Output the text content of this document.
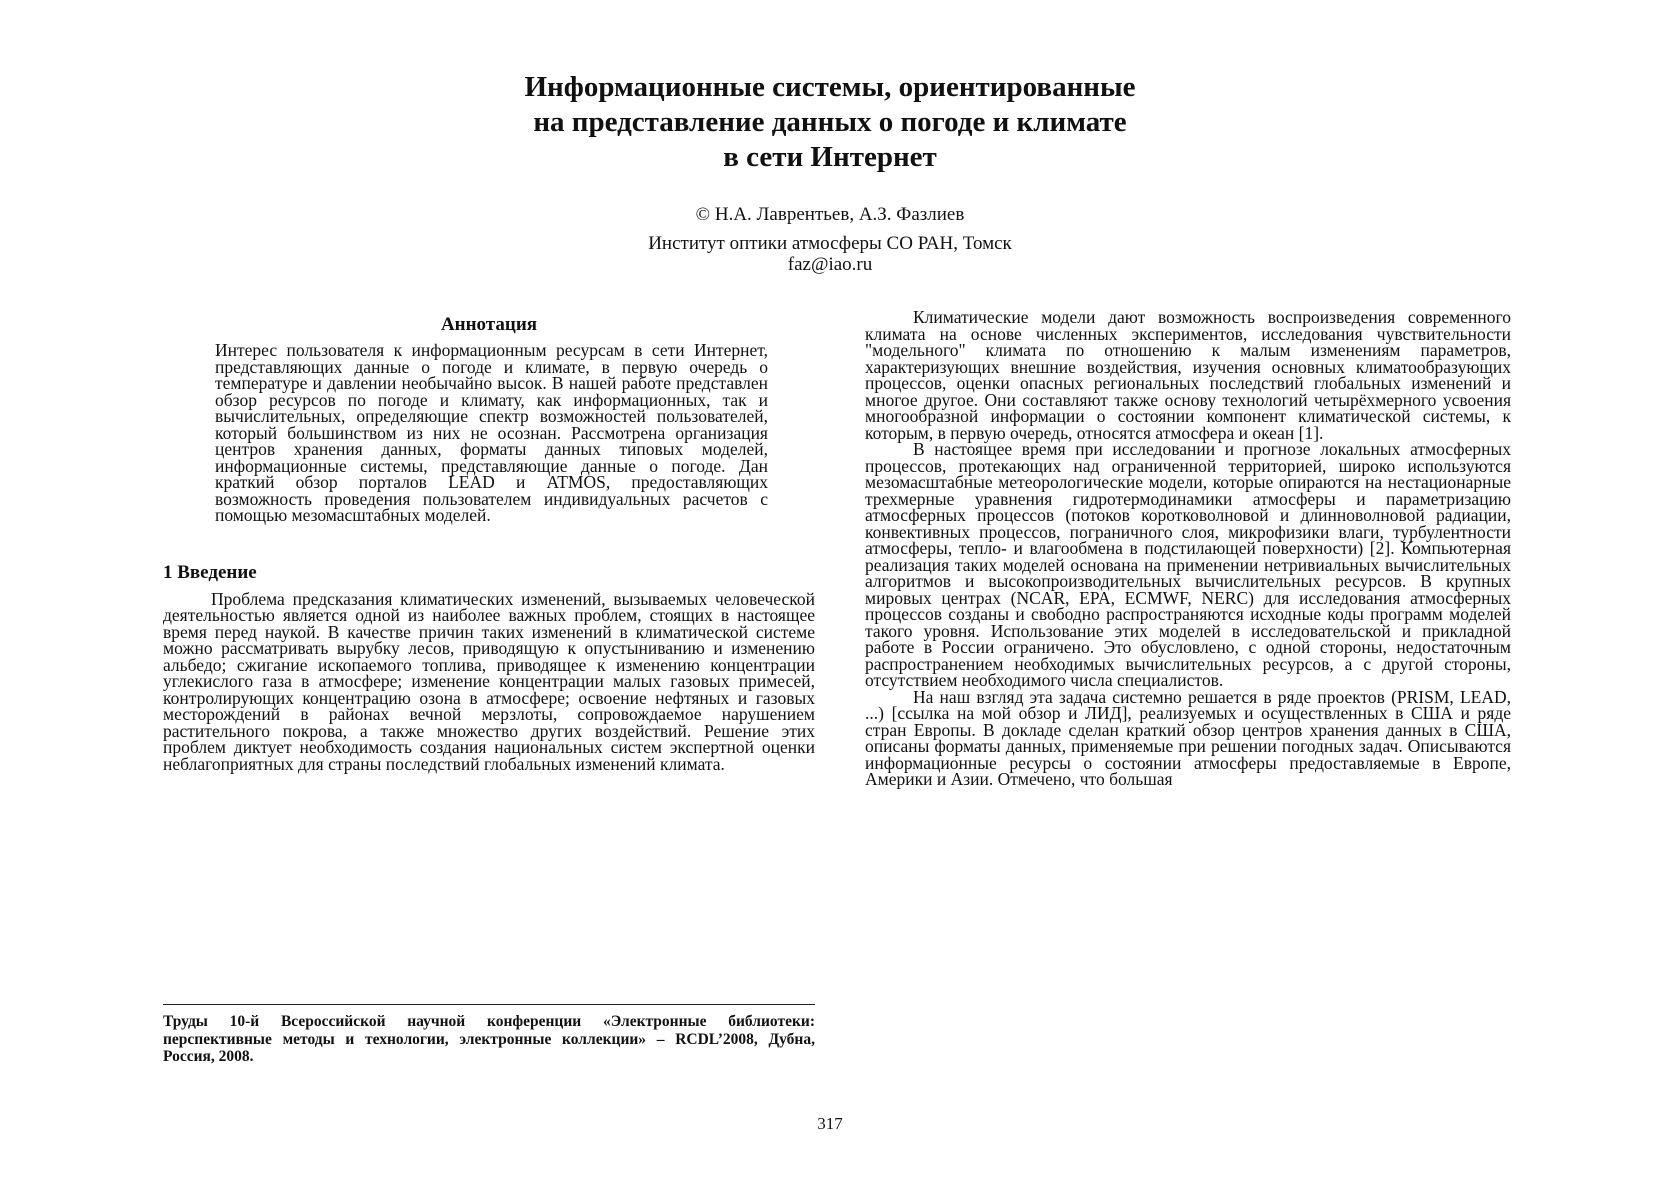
Информационные системы, ориентированные
на представление данных о погоде и климате
в сети Интернет
© Н.А. Лаврентьев, А.З. Фазлиев
Институт оптики атмосферы СО РАН, Томск
faz@iao.ru
Аннотация

Интерес пользователя к информационным ресурсам в сети Интернет, представляющих данные о погоде и климате, в первую очередь о температуре и давлении необычайно высок. В нашей работе представлен обзор ресурсов по погоде и климату, как информационных, так и вычислительных, определяющие спектр возможностей пользователей, который большинством из них не осознан. Рассмотрена организация центров хранения данных, форматы данных типовых моделей, информационные системы, представляющие данные о погоде. Дан краткий обзор порталов LEAD и ATMOS, предоставляющих возможность проведения пользователем индивидуальных расчетов с помощью мезомасштабных моделей.

1 Введение

Проблема предсказания климатических изменений, вызываемых человеческой деятельностью является одной из наиболее важных проблем, стоящих в настоящее время перед наукой. В качестве причин таких изменений в климатической системе можно рассматривать вырубку лесов, приводящую к опустыниванию и изменению альбедо; сжигание ископаемого топлива, приводящее к изменению концентрации углекислого газа в атмосфере; изменение концентрации малых газовых примесей, контролирующих концентрацию озона в атмосфере; освоение нефтяных и газовых месторождений в районах вечной мерзлоты, сопровождаемое нарушением растительного покрова, а также множество других воздействий. Решение этих проблем диктует необходимость создания национальных систем экспертной оценки неблагоприятных для страны последствий глобальных изменений климата.

Климатические модели дают возможность воспроизведения современного климата на основе численных экспериментов, исследования чувствительности "модельного" климата по отношению к малым изменениям параметров, характеризующих внешние воздействия, изучения основных климатообразующих процессов, оценки опасных региональных последствий глобальных изменений и многое другое. Они составляют также основу технологий четырёхмерного усвоения многообразной информации о состоянии компонент климатической системы, к которым, в первую очередь, относятся атмосфера и океан [1].

В настоящее время при исследовании и прогнозе локальных атмосферных процессов, протекающих над ограниченной территорией, широко используются мезомасштабные метеорологические модели, которые опираются на нестационарные трехмерные уравнения гидротермодинамики атмосферы и параметризацию атмосферных процессов (потоков коротковолновой и длинноволновой радиации, конвективных процессов, пограничного слоя, микрофизики влаги, турбулентности атмосферы, тепло- и влагообмена в подстилающей поверхности) [2]. Компьютерная реализация таких моделей основана на применении нетривиальных вычислительных алгоритмов и высокопроизводительных вычислительных ресурсов. В крупных мировых центрах (NCAR, EPA, ECMWF, NERC) для исследования атмосферных процессов созданы и свободно распространяются исходные коды программ моделей такого уровня. Использование этих моделей в исследовательской и прикладной работе в России ограничено. Это обусловлено, с одной стороны, недостаточным распространением необходимых вычислительных ресурсов, а с другой стороны, отсутствием необходимого числа специалистов.

На наш взгляд эта задача системно решается в ряде проектов (PRISM, LEAD, ...) [ссылка на мой обзор и ЛИД], реализуемых и осуществленных в США и ряде стран Европы. В докладе сделан краткий обзор центров хранения данных в США, описаны форматы данных, применяемые при решении погодных задач. Описываются информационные ресурсы о состоянии атмосферы предоставляемые в Европе, Америки и Азии. Отмечено, что большая

Труды 10-й Всероссийской научной конференции «Электронные библиотеки: перспективные методы и технологии, электронные коллекции» – RCDL’2008, Дубна, Россия, 2008.
317
